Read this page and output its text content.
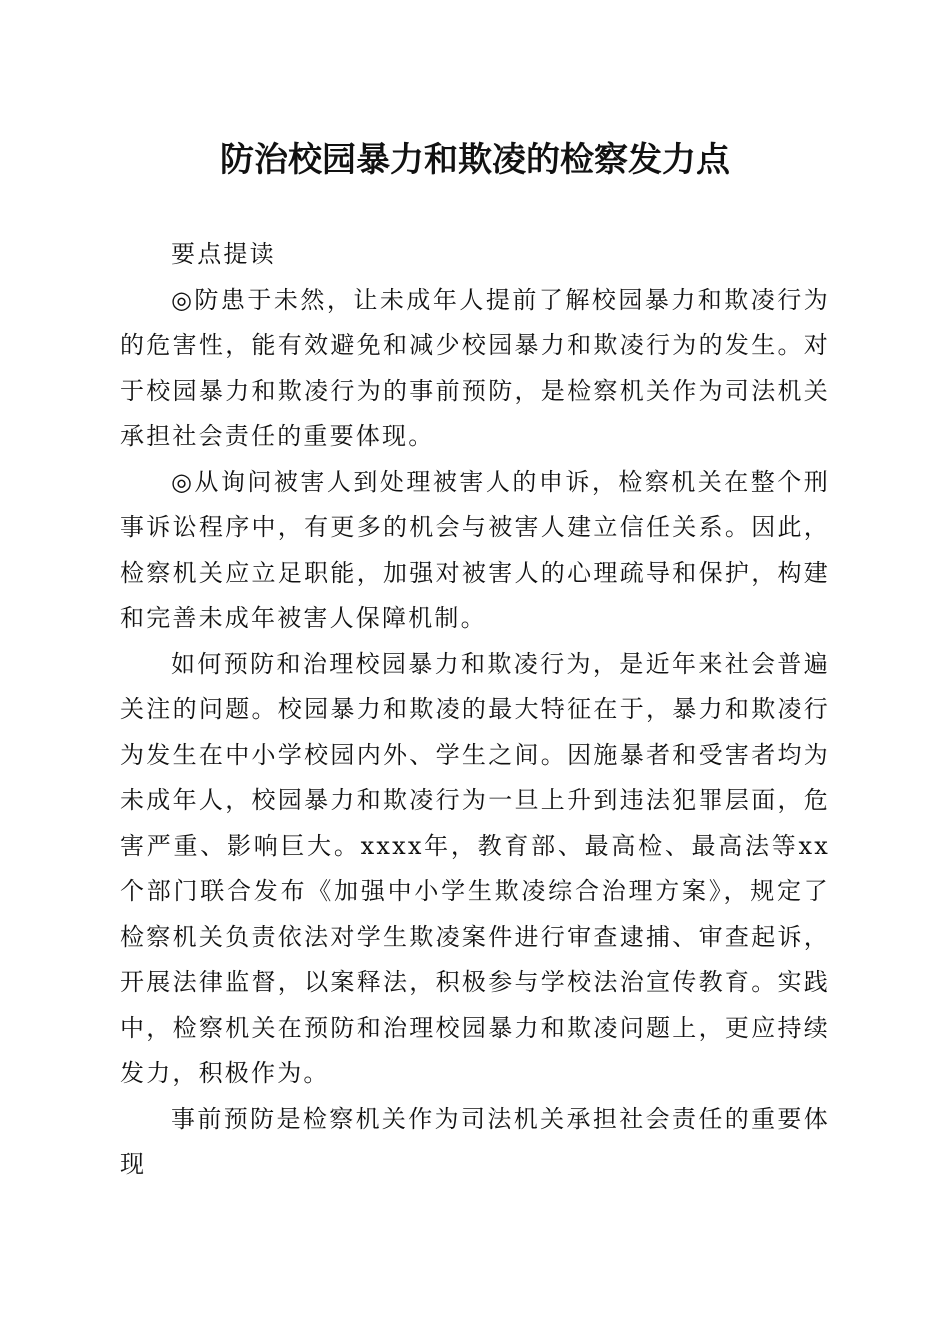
防治校园暴力和欺凌的检察发力点

要点提读

◎防患于未然，让未成年人提前了解校园暴力和欺凌行为的危害性，能有效避免和减少校园暴力和欺凌行为的发生。对于校园暴力和欺凌行为的事前预防，是检察机关作为司法机关承担社会责任的重要体现。

◎从询问被害人到处理被害人的申诉，检察机关在整个刑事诉讼程序中，有更多的机会与被害人建立信任关系。因此，检察机关应立足职能，加强对被害人的心理疏导和保护，构建和完善未成年被害人保障机制。

如何预防和治理校园暴力和欺凌行为，是近年来社会普遍关注的问题。校园暴力和欺凌的最大特征在于，暴力和欺凌行为发生在中小学校园内外、学生之间。因施暴者和受害者均为未成年人，校园暴力和欺凌行为一旦上升到违法犯罪层面，危害严重、影响巨大。xxxx年，教育部、最高检、最高法等xx个部门联合发布《加强中小学生欺凌综合治理方案》，规定了检察机关负责依法对学生欺凌案件进行审查逮捕、审查起诉，开展法律监督，以案释法，积极参与学校法治宣传教育。实践中，检察机关在预防和治理校园暴力和欺凌问题上，更应持续发力，积极作为。

事前预防是检察机关作为司法机关承担社会责任的重要体现
